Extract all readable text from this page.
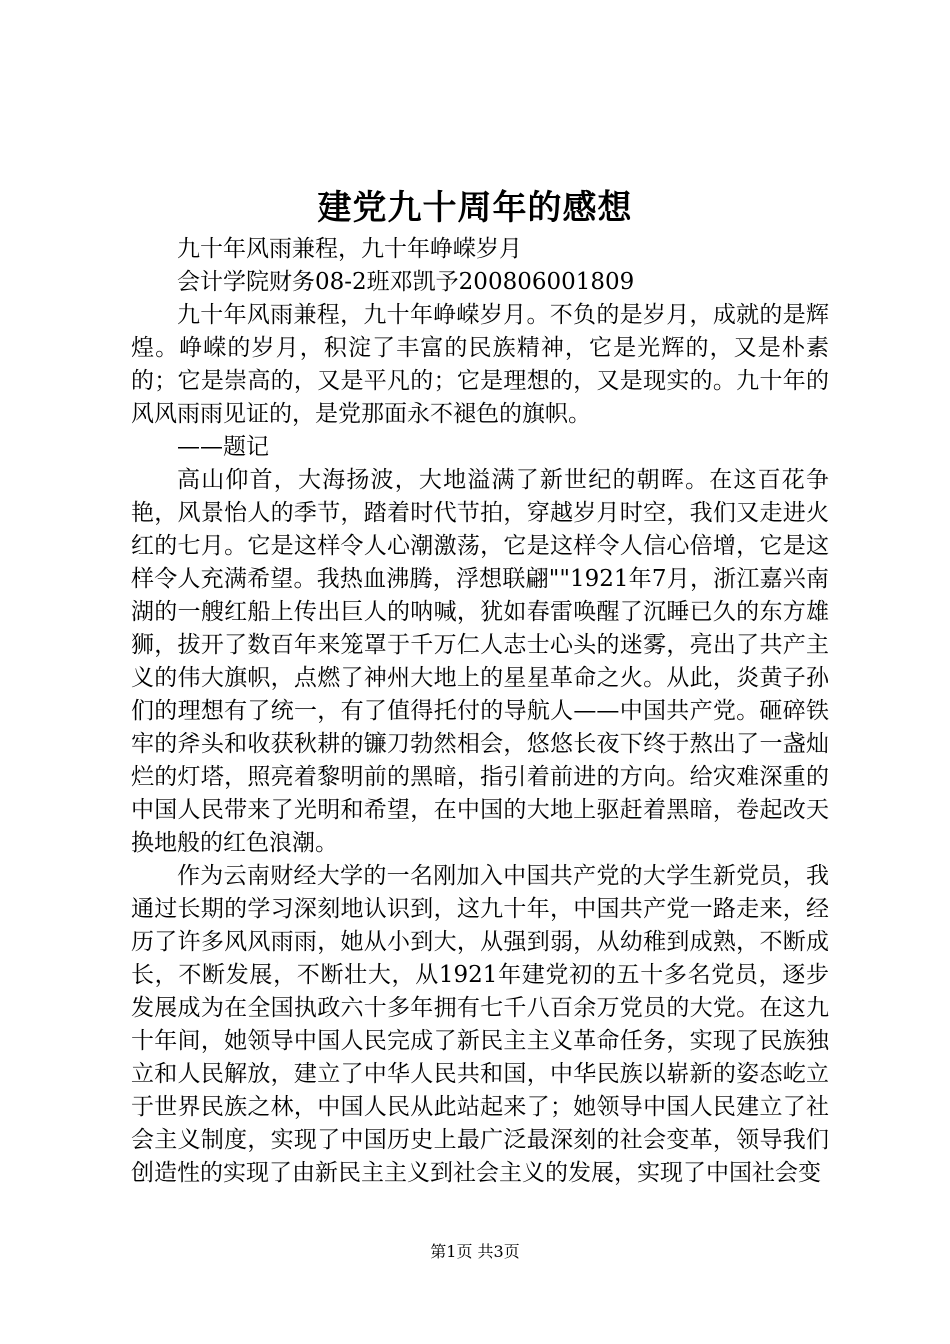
建党九十周年的感想

九十年风雨兼程，九十年峥嵘岁月

会计学院财务08-2班邓凯予200806001809

九十年风雨兼程，九十年峥嵘岁月。不负的是岁月，成就的是辉煌。峥嵘的岁月，积淀了丰富的民族精神，它是光辉的，又是朴素的；它是崇高的，又是平凡的；它是理想的，又是现实的。九十年的风风雨雨见证的，是党那面永不褪色的旗帜。

——题记

高山仰首，大海扬波，大地溢满了新世纪的朝晖。在这百花争艳，风景怡人的季节，踏着时代节拍，穿越岁月时空，我们又走进火红的七月。它是这样令人心潮激荡，它是这样令人信心倍增，它是这样令人充满希望。我热血沸腾，浮想联翩""1921年7月，浙江嘉兴南湖的一艘红船上传出巨人的呐喊，犹如春雷唤醒了沉睡已久的东方雄狮，拔开了数百年来笼罩于千万仁人志士心头的迷雾，亮出了共产主义的伟大旗帜，点燃了神州大地上的星星革命之火。从此，炎黄子孙们的理想有了统一，有了值得托付的导航人——中国共产党。砸碎铁牢的斧头和收获秋耕的镰刀勃然相会，悠悠长夜下终于熬出了一盏灿烂的灯塔，照亮着黎明前的黑暗，指引着前进的方向。给灾难深重的中国人民带来了光明和希望，在中国的大地上驱赶着黑暗，卷起改天换地般的红色浪潮。

作为云南财经大学的一名刚加入中国共产党的大学生新党员，我通过长期的学习深刻地认识到，这九十年，中国共产党一路走来，经历了许多风风雨雨，她从小到大，从强到弱，从幼稚到成熟，不断成长，不断发展，不断壮大，从1921年建党初的五十多名党员，逐步发展成为在全国执政六十多年拥有七千八百余万党员的大党。在这九十年间，她领导中国人民完成了新民主主义革命任务，实现了民族独立和人民解放，建立了中华人民共和国，中华民族以崭新的姿态屹立于世界民族之林，中国人民从此站起来了；她领导中国人民建立了社会主义制度，实现了中国历史上最广泛最深刻的社会变革，领导我们创造性的实现了由新民主主义到社会主义的发展，实现了中国社会变

第1页 共3页
